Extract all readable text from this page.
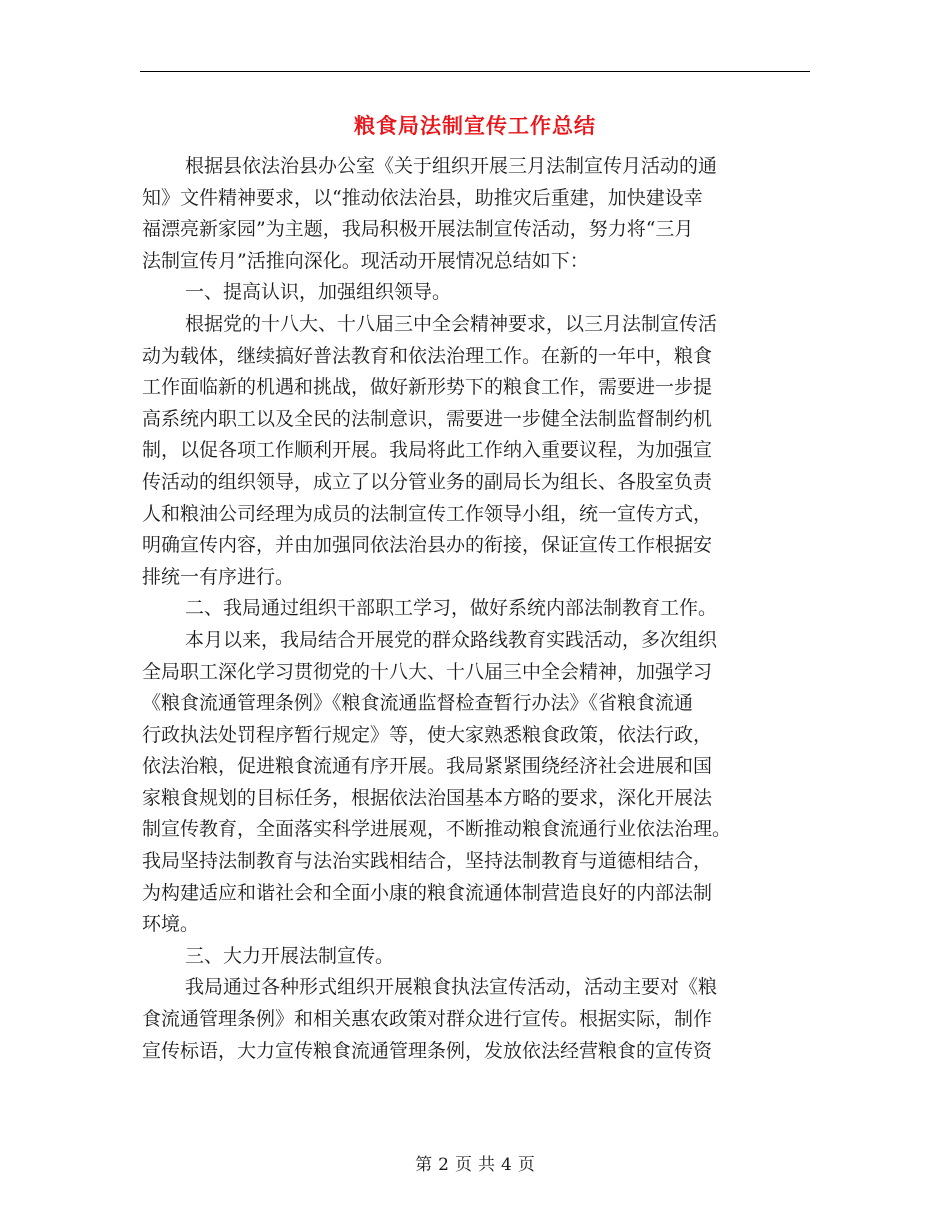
粮食局法制宣传工作总结
根据县依法治县办公室《关于组织开展三月法制宣传月活动的通
知》文件精神要求，以“推动依法治县，助推灾后重建，加快建设幸
福漂亮新家园”为主题，我局积极开展法制宣传活动，努力将“三月
法制宣传月”活推向深化。现活动开展情况总结如下：
一、提高认识，加强组织领导。
根据党的十八大、十八届三中全会精神要求，以三月法制宣传活
动为载体，继续搞好普法教育和依法治理工作。在新的一年中，粮食
工作面临新的机遇和挑战，做好新形势下的粮食工作，需要进一步提
高系统内职工以及全民的法制意识，需要进一步健全法制监督制约机
制，以促各项工作顺利开展。我局将此工作纳入重要议程，为加强宣
传活动的组织领导，成立了以分管业务的副局长为组长、各股室负责
人和粮油公司经理为成员的法制宣传工作领导小组，统一宣传方式，
明确宣传内容，并由加强同依法治县办的衔接，保证宣传工作根据安
排统一有序进行。
二、我局通过组织干部职工学习，做好系统内部法制教育工作。
本月以来，我局结合开展党的群众路线教育实践活动，多次组织
全局职工深化学习贯彻党的十八大、十八届三中全会精神，加强学习
《粮食流通管理条例》《粮食流通监督检查暂行办法》《省粮食流通
行政执法处罚程序暂行规定》等，使大家熟悉粮食政策，依法行政，
依法治粮，促进粮食流通有序开展。我局紧紧围绕经济社会进展和国
家粮食规划的目标任务，根据依法治国基本方略的要求，深化开展法
制宣传教育，全面落实科学进展观，不断推动粮食流通行业依法治理。
我局坚持法制教育与法治实践相结合，坚持法制教育与道德相结合，
为构建适应和谐社会和全面小康的粮食流通体制营造良好的内部法制
环境。
三、大力开展法制宣传。
我局通过各种形式组织开展粮食执法宣传活动，活动主要对《粮
食流通管理条例》和相关惠农政策对群众进行宣传。根据实际，制作
宣传标语，大力宣传粮食流通管理条例，发放依法经营粮食的宣传资
第 2 页 共 4 页
